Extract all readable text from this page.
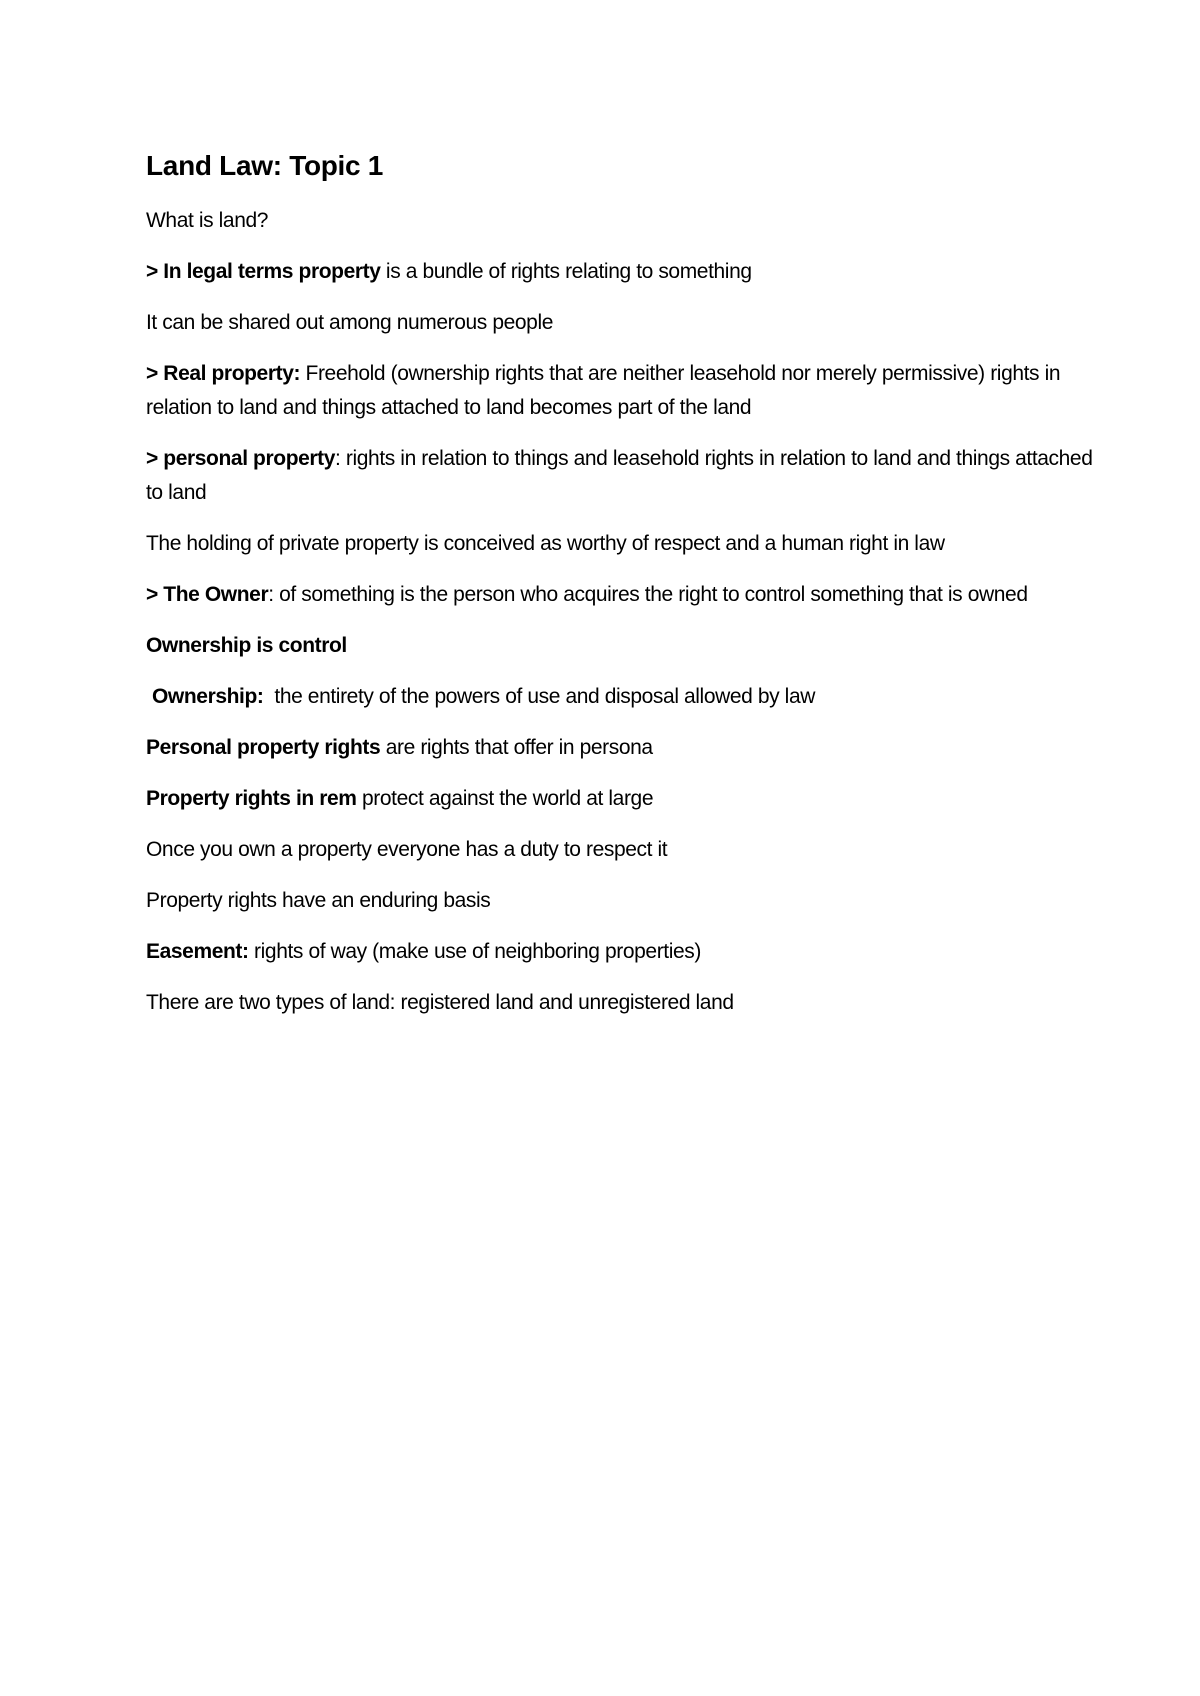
Land Law: Topic 1

What is land?

> In legal terms property is a bundle of rights relating to something

It can be shared out among numerous people

> Real property: Freehold (ownership rights that are neither leasehold nor merely permissive) rights in relation to land and things attached to land becomes part of the land

> personal property: rights in relation to things and leasehold rights in relation to land and things attached to land

The holding of private property is conceived as worthy of respect and a human right in law

> The Owner: of something is the person who acquires the right to control something that is owned

Ownership is control

Ownership:  the entirety of the powers of use and disposal allowed by law

Personal property rights are rights that offer in persona

Property rights in rem protect against the world at large

Once you own a property everyone has a duty to respect it

Property rights have an enduring basis

Easement: rights of way (make use of neighboring properties)

There are two types of land: registered land and unregistered land
